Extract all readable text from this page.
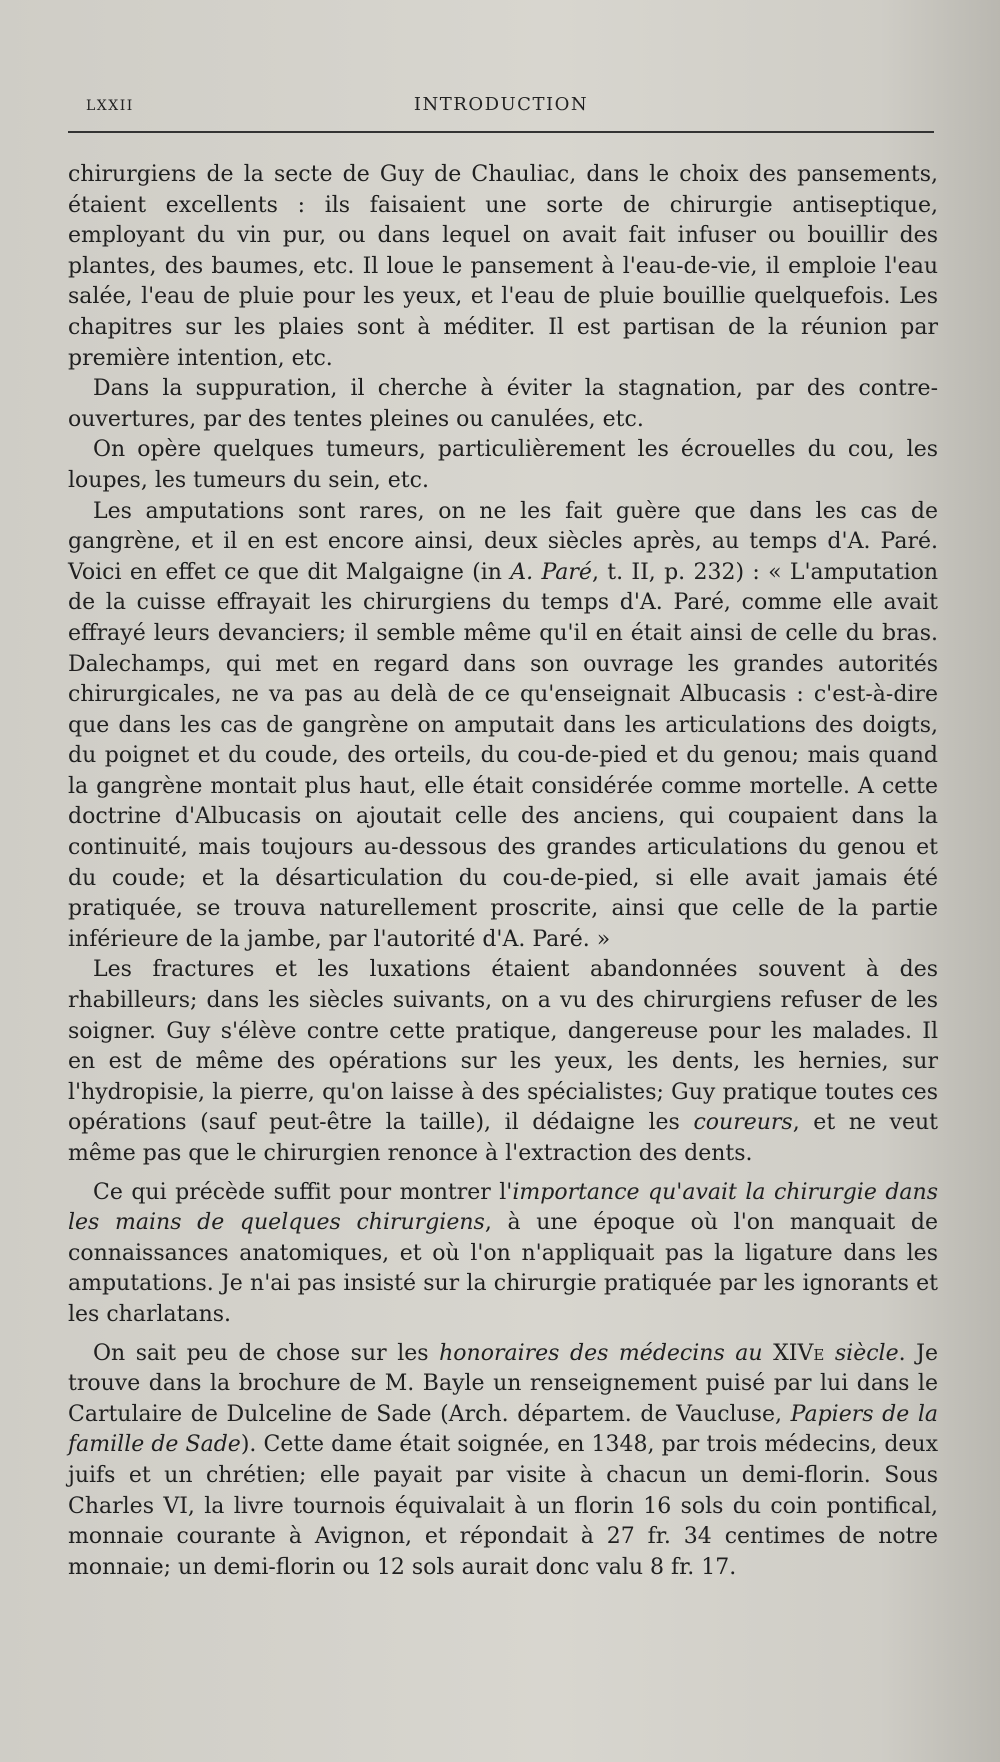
LXXII	INTRODUCTION

chirurgiens de la secte de Guy de Chauliac, dans le choix des pansements, étaient excellents : ils faisaient une sorte de chirurgie antiseptique, employant du vin pur, ou dans lequel on avait fait infuser ou bouillir des plantes, des baumes, etc. Il loue le pansement à l'eau-de-vie, il emploie l'eau salée, l'eau de pluie pour les yeux, et l'eau de pluie bouillie quelquefois. Les chapitres sur les plaies sont à méditer. Il est partisan de la réunion par première intention, etc.

Dans la suppuration, il cherche à éviter la stagnation, par des contre-ouvertures, par des tentes pleines ou canulées, etc.

On opère quelques tumeurs, particulièrement les écrouelles du cou, les loupes, les tumeurs du sein, etc.

Les amputations sont rares, on ne les fait guère que dans les cas de gangrène, et il en est encore ainsi, deux siècles après, au temps d'A. Paré. Voici en effet ce que dit Malgaigne (in A. Paré, t. II, p. 232) : « L'amputation de la cuisse effrayait les chirurgiens du temps d'A. Paré, comme elle avait effrayé leurs devanciers; il semble même qu'il en était ainsi de celle du bras. Dalechamps, qui met en regard dans son ouvrage les grandes autorités chirurgicales, ne va pas au delà de ce qu'enseignait Albucasis : c'est-à-dire que dans les cas de gangrène on amputait dans les articulations des doigts, du poignet et du coude, des orteils, du cou-de-pied et du genou; mais quand la gangrène montait plus haut, elle était considérée comme mortelle. A cette doctrine d'Albucasis on ajoutait celle des anciens, qui coupaient dans la continuité, mais toujours au-dessous des grandes articulations du genou et du coude; et la désarticulation du cou-de-pied, si elle avait jamais été pratiquée, se trouva naturellement proscrite, ainsi que celle de la partie inférieure de la jambe, par l'autorité d'A. Paré. »

Les fractures et les luxations étaient abandonnées souvent à des rhabilleurs; dans les siècles suivants, on a vu des chirurgiens refuser de les soigner. Guy s'élève contre cette pratique, dangereuse pour les malades. Il en est de même des opérations sur les yeux, les dents, les hernies, sur l'hydropisie, la pierre, qu'on laisse à des spécialistes; Guy pratique toutes ces opérations (sauf peut-être la taille), il dédaigne les coureurs, et ne veut même pas que le chirurgien renonce à l'extraction des dents.

Ce qui précède suffit pour montrer l'importance qu'avait la chirurgie dans les mains de quelques chirurgiens, à une époque où l'on manquait de connaissances anatomiques, et où l'on n'appliquait pas la ligature dans les amputations. Je n'ai pas insisté sur la chirurgie pratiquée par les ignorants et les charlatans.

On sait peu de chose sur les honoraires des médecins au XIVe siècle. Je trouve dans la brochure de M. Bayle un renseignement puisé par lui dans le Cartulaire de Dulceline de Sade (Arch. départem. de Vaucluse, Papiers de la famille de Sade). Cette dame était soignée, en 1348, par trois médecins, deux juifs et un chrétien; elle payait par visite à chacun un demi-florin. Sous Charles VI, la livre tournois équivalait à un florin 16 sols du coin pontifical, monnaie courante à Avignon, et répondait à 27 fr. 34 centimes de notre monnaie; un demi-florin ou 12 sols aurait donc valu 8 fr. 17.
